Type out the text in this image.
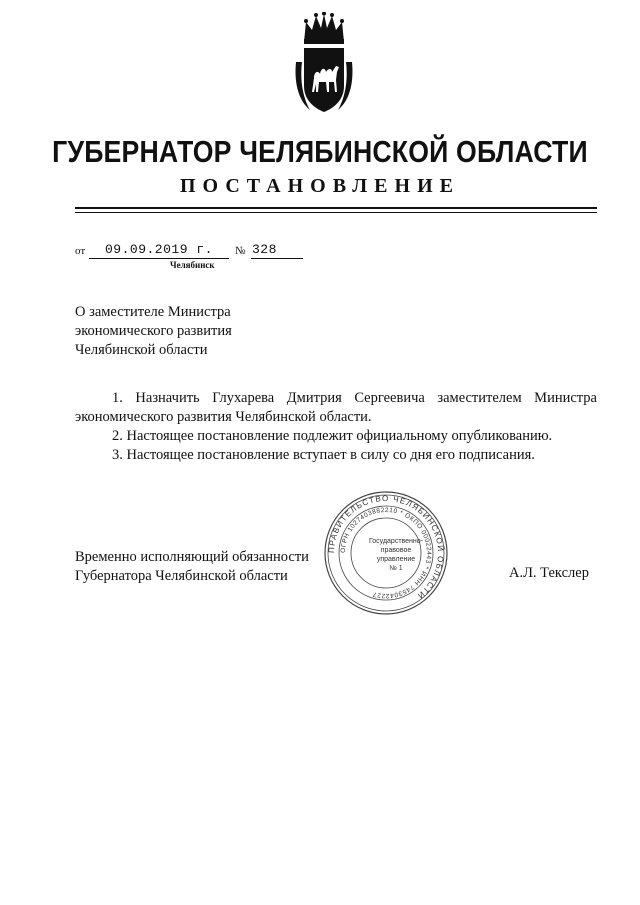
ГУБЕРНАТОР ЧЕЛЯБИНСКОЙ ОБЛАСТИ
ПОСТАНОВЛЕНИЕ
от 09.09.2019 г. № 328
Челябинск
О заместителе Министра
экономического развития
Челябинской области
1. Назначить Глухарева Дмитрия Сергеевича заместителем Министра экономического развития Челябинской области.
2. Настоящее постановление подлежит официальному опубликованию.
3. Настоящее постановление вступает в силу со дня его подписания.
Временно исполняющий обязанности
Губернатора Челябинской области
ПРАВИТЕЛЬСТВО ЧЕЛЯБИНСКОЙ ОБЛАСТИ
ОГРН 1027403882210 * ОКПО 00022443 * ИНН 7453042227
Государственно-
правовое
управление
№ 1	А.Л. Текслер
